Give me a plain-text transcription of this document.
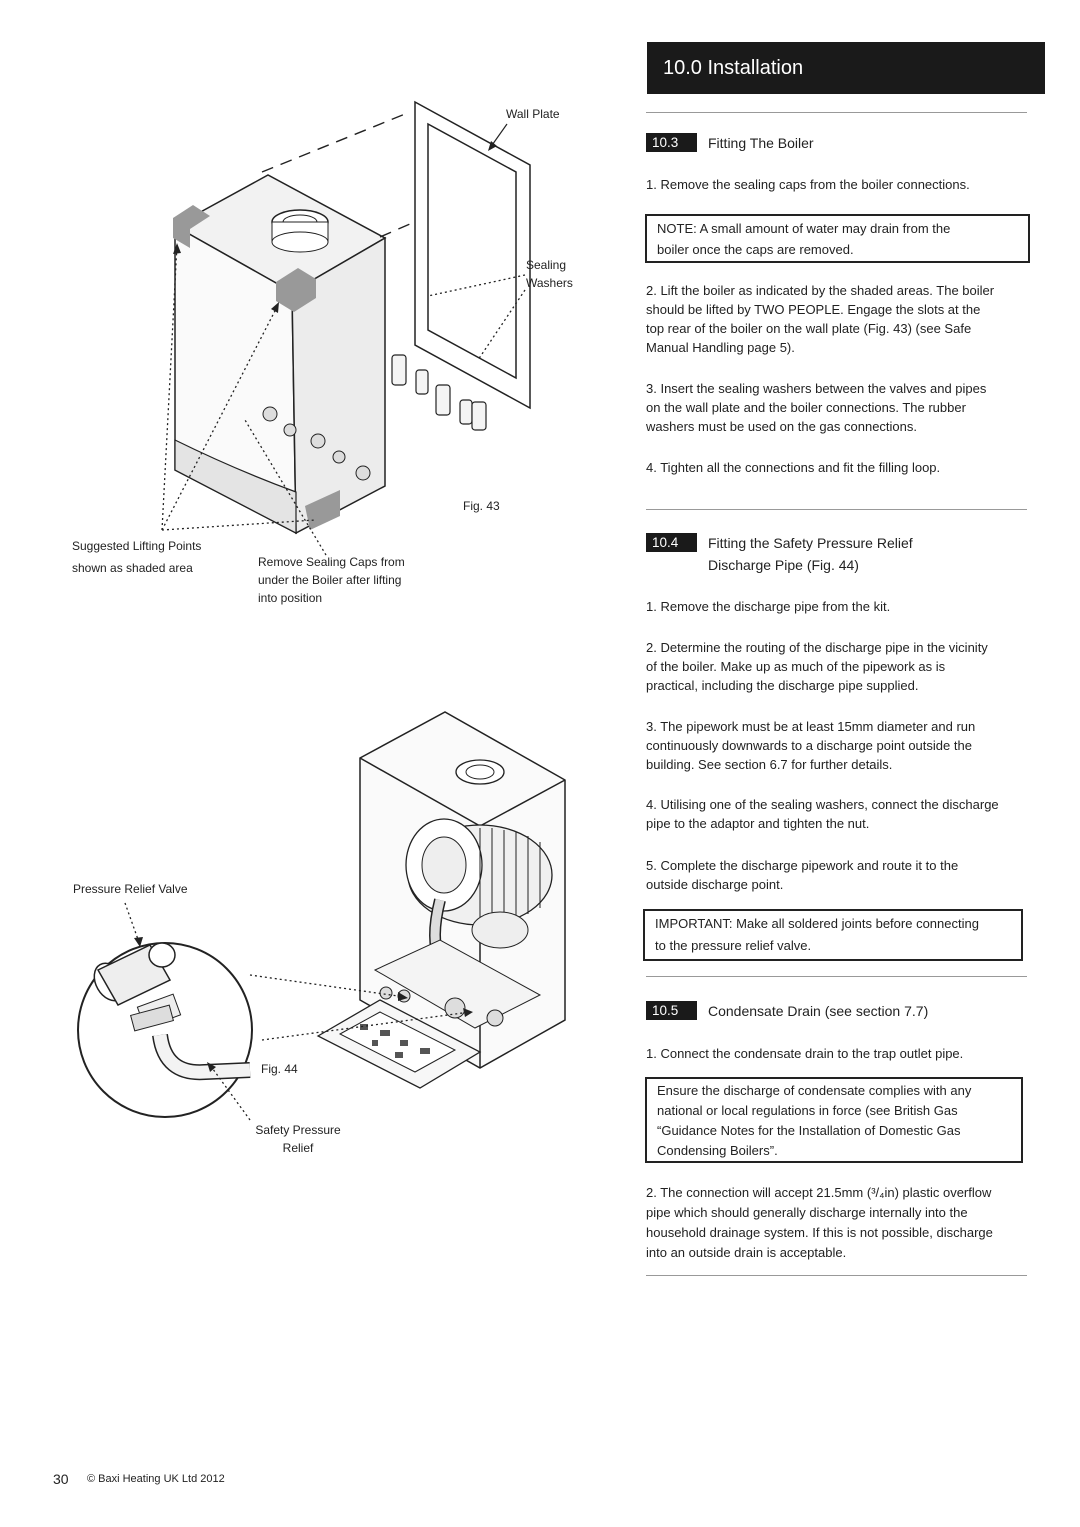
10.0 Installation
Wall Plate
Sealing
Washers
Fig. 43
Suggested Lifting Points
shown as shaded area	Remove Sealing Caps from
under the Boiler after lifting
into position
Pressure Relief Valve
Fig. 44
Safety Pressure
Relief
10.3	Fitting The Boiler
1. Remove the sealing caps from the boiler connections.
NOTE: A small amount of water may drain from the
boiler once the caps are removed.
2. Lift the boiler as indicated by the shaded areas. The boiler
should be lifted by TWO PEOPLE. Engage the slots at the
top rear of the boiler on the wall plate (Fig. 43) (see Safe
Manual Handling page 5).
3. Insert the sealing washers between the valves and pipes
on the wall plate and the boiler connections. The rubber
washers must be used on the gas connections.
4. Tighten all the connections and fit the filling loop.
10.4	Fitting the Safety Pressure Relief
Discharge Pipe (Fig. 44)
1. Remove the discharge pipe from the kit.
2. Determine the routing of the discharge pipe in the vicinity
of the boiler. Make up as much of the pipework as is
practical, including the discharge pipe supplied.
3. The pipework must be at least 15mm diameter and run
continuously downwards to a discharge point outside the
building. See section 6.7 for further details.
4. Utilising one of the sealing washers, connect the discharge
pipe to the adaptor and tighten the nut.
5. Complete the discharge pipework and route it to the
outside discharge point.
IMPORTANT: Make all soldered joints before connecting
to the pressure relief valve.
10.5	Condensate Drain (see section 7.7)
1. Connect the condensate drain to the trap outlet pipe.
Ensure the discharge of condensate complies with any
national or local regulations in force (see British Gas
“Guidance Notes for the Installation of Domestic Gas
Condensing Boilers”.
2. The connection will accept 21.5mm (³/₄in) plastic overflow
pipe which should generally discharge internally into the
household drainage system. If this is not possible, discharge
into an outside drain is acceptable.
30 © Baxi Heating UK Ltd 2012
